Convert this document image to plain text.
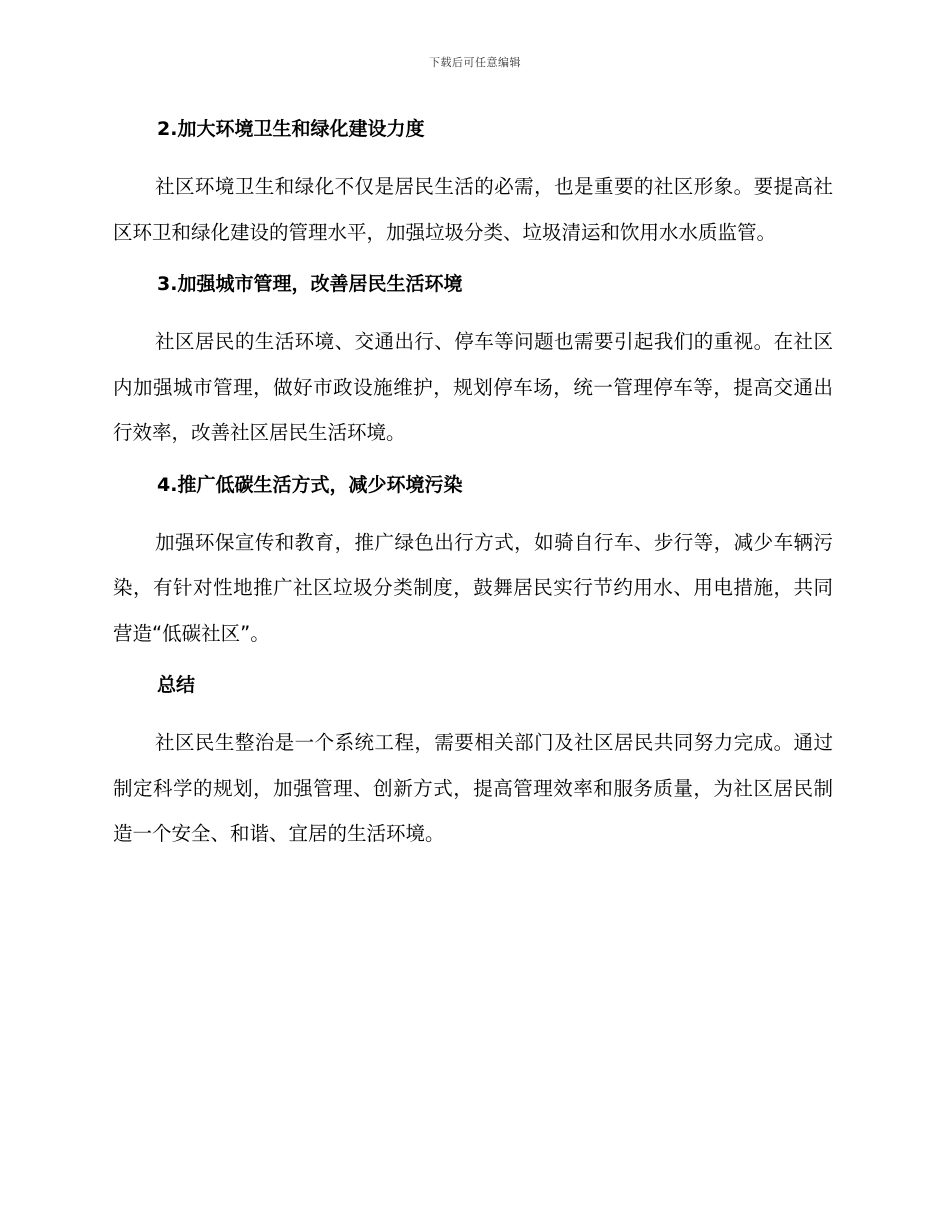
下载后可任意编辑
2.加大环境卫生和绿化建设力度

社区环境卫生和绿化不仅是居民生活的必需，也是重要的社区形象。要提高社区环卫和绿化建设的管理水平，加强垃圾分类、垃圾清运和饮用水水质监管。

3.加强城市管理，改善居民生活环境

社区居民的生活环境、交通出行、停车等问题也需要引起我们的重视。在社区内加强城市管理，做好市政设施维护，规划停车场，统一管理停车等，提高交通出行效率，改善社区居民生活环境。

4.推广低碳生活方式，减少环境污染

加强环保宣传和教育，推广绿色出行方式，如骑自行车、步行等，减少车辆污染，有针对性地推广社区垃圾分类制度，鼓舞居民实行节约用水、用电措施，共同营造“低碳社区”。

总结

社区民生整治是一个系统工程，需要相关部门及社区居民共同努力完成。通过制定科学的规划，加强管理、创新方式，提高管理效率和服务质量，为社区居民制造一个安全、和谐、宜居的生活环境。
